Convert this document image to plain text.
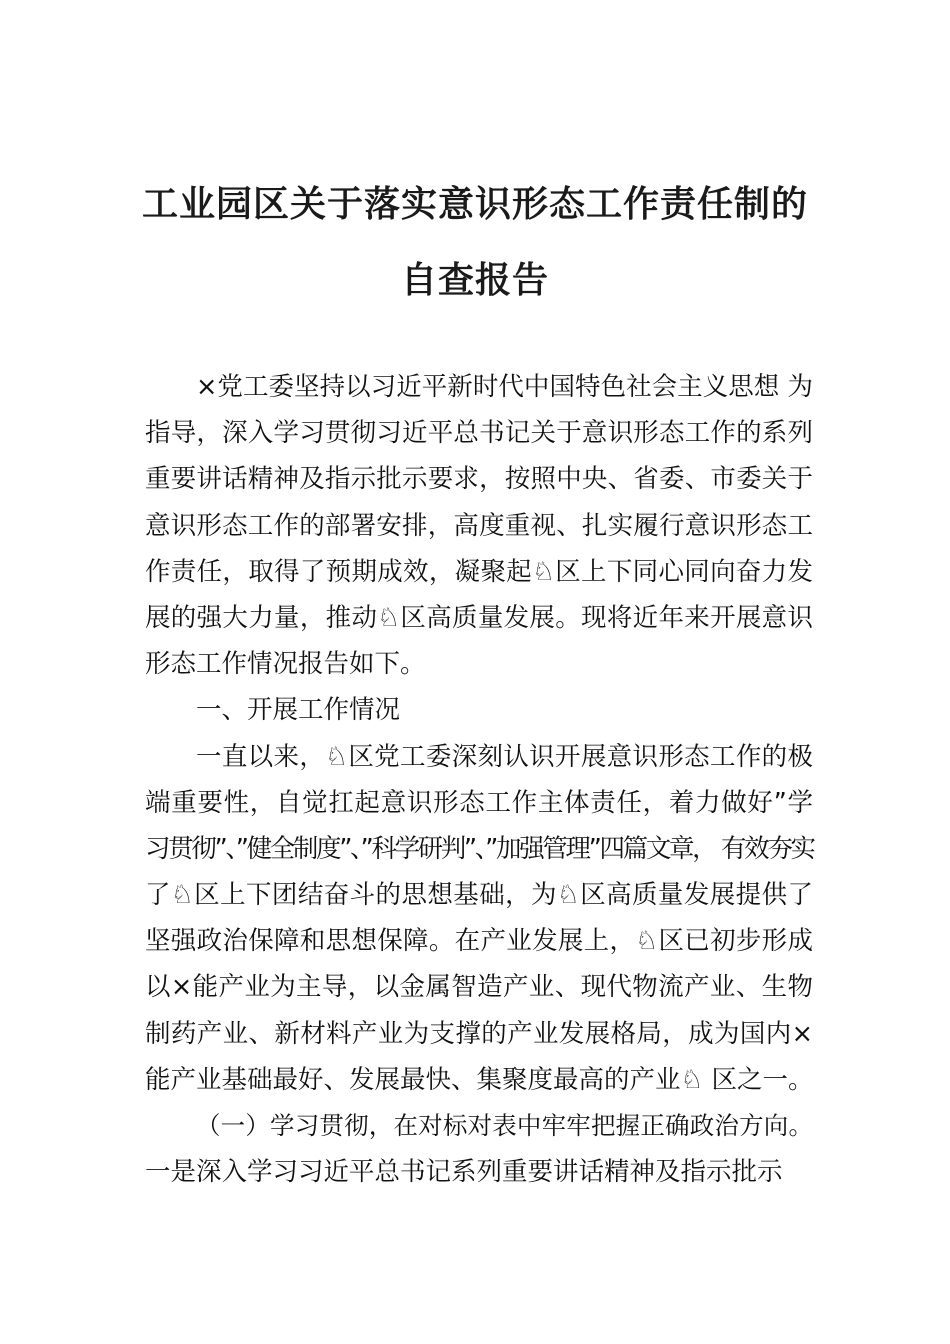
工业园区关于落实意识形态工作责任制的
自查报告
×党工委坚持以习近平新时代中国特色社会主义思想 为
指导，深入学习贯彻习近平总书记关于意识形态工作的系列
重要讲话精神及指示批示要求，按照中央、省委、市委关于
意识形态工作的部署安排，高度重视、扎实履行意识形态工
作责任，取得了预期成效，凝聚起♘区上下同心同向奋力发
展的强大力量，推动♘区高质量发展。现将近年来开展意识
形态工作情况报告如下。
一、开展工作情况
一直以来，♘区党工委深刻认识开展意识形态工作的极
端重要性，自觉扛起意识形态工作主体责任，着力做好”学
习贯彻”、”健全制度”、”科学研判”、”加强管理”四篇文章， 有效夯实
了♘区上下团结奋斗的思想基础，为♘区高质量发展提供了
坚强政治保障和思想保障。在产业发展上，♘区已初步形成
以×能产业为主导，以金属智造产业、现代物流产业、生物
制药产业、新材料产业为支撑的产业发展格局，成为国内×
能产业基础最好、发展最快、集聚度最高的产业♘ 区之一。
（一）学习贯彻，在对标对表中牢牢把握正确政治方向。
一是深入学习习近平总书记系列重要讲话精神及指示批示
